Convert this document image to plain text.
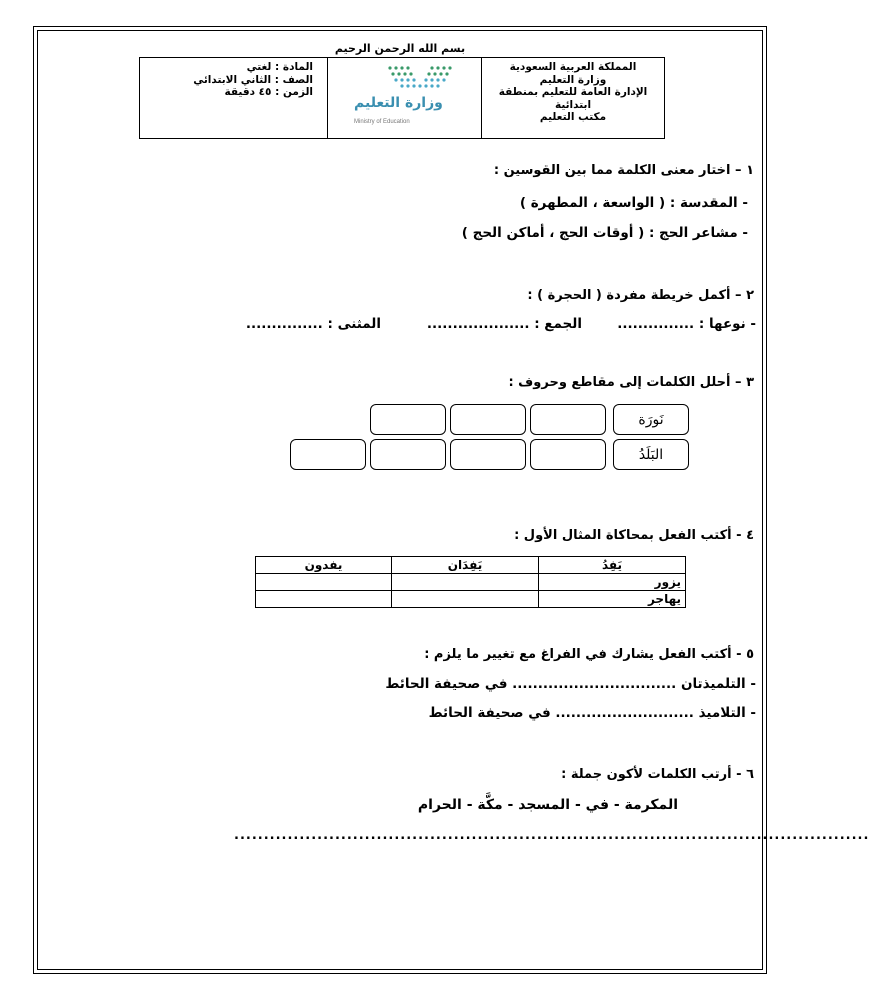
بسم الله الرحمن الرحيم
المملكة العربية السعودية
وزارة التعليم
الإدارة العامة للتعليم بمنطقة
ابتدائية
مكتب التعليم
وزارة التعليم
Ministry of Education
المادة : لغتي
الصف : الثاني الابتدائي
الزمن : ٤٥ دقيقة
١ – اختار معنى الكلمة مما بين القوسين :
- المقدسة : ( الواسعة ، المطهرة )
- مشاعر الحج : ( أوقات الحج ، أماكن الحج )
٢ – أكمل خريطة مفردة ( الحجرة ) :
- نوعها : ...............
الجمع : ....................
المثنى : ...............
٣ – أحلل الكلمات إلى مقاطع وحروف :
نَورَة
البَلَدُ
٤ - أكتب الفعل بمحاكاة المثال الأول :
يَفِدُ	يَفِدَان	يفدون
يزور		
يهاجر		
٥ - أكتب الفعل يشارك في الفراغ مع تغيير ما يلزم :
- التلميذتان ................................ في صحيفة الحائط
- التلاميذ ........................... في صحيفة الحائط
٦ - أرتب الكلمات لأكون جملة :
المكرمة - في - المسجد - مكَّة - الحرام
...........................................................................................................
